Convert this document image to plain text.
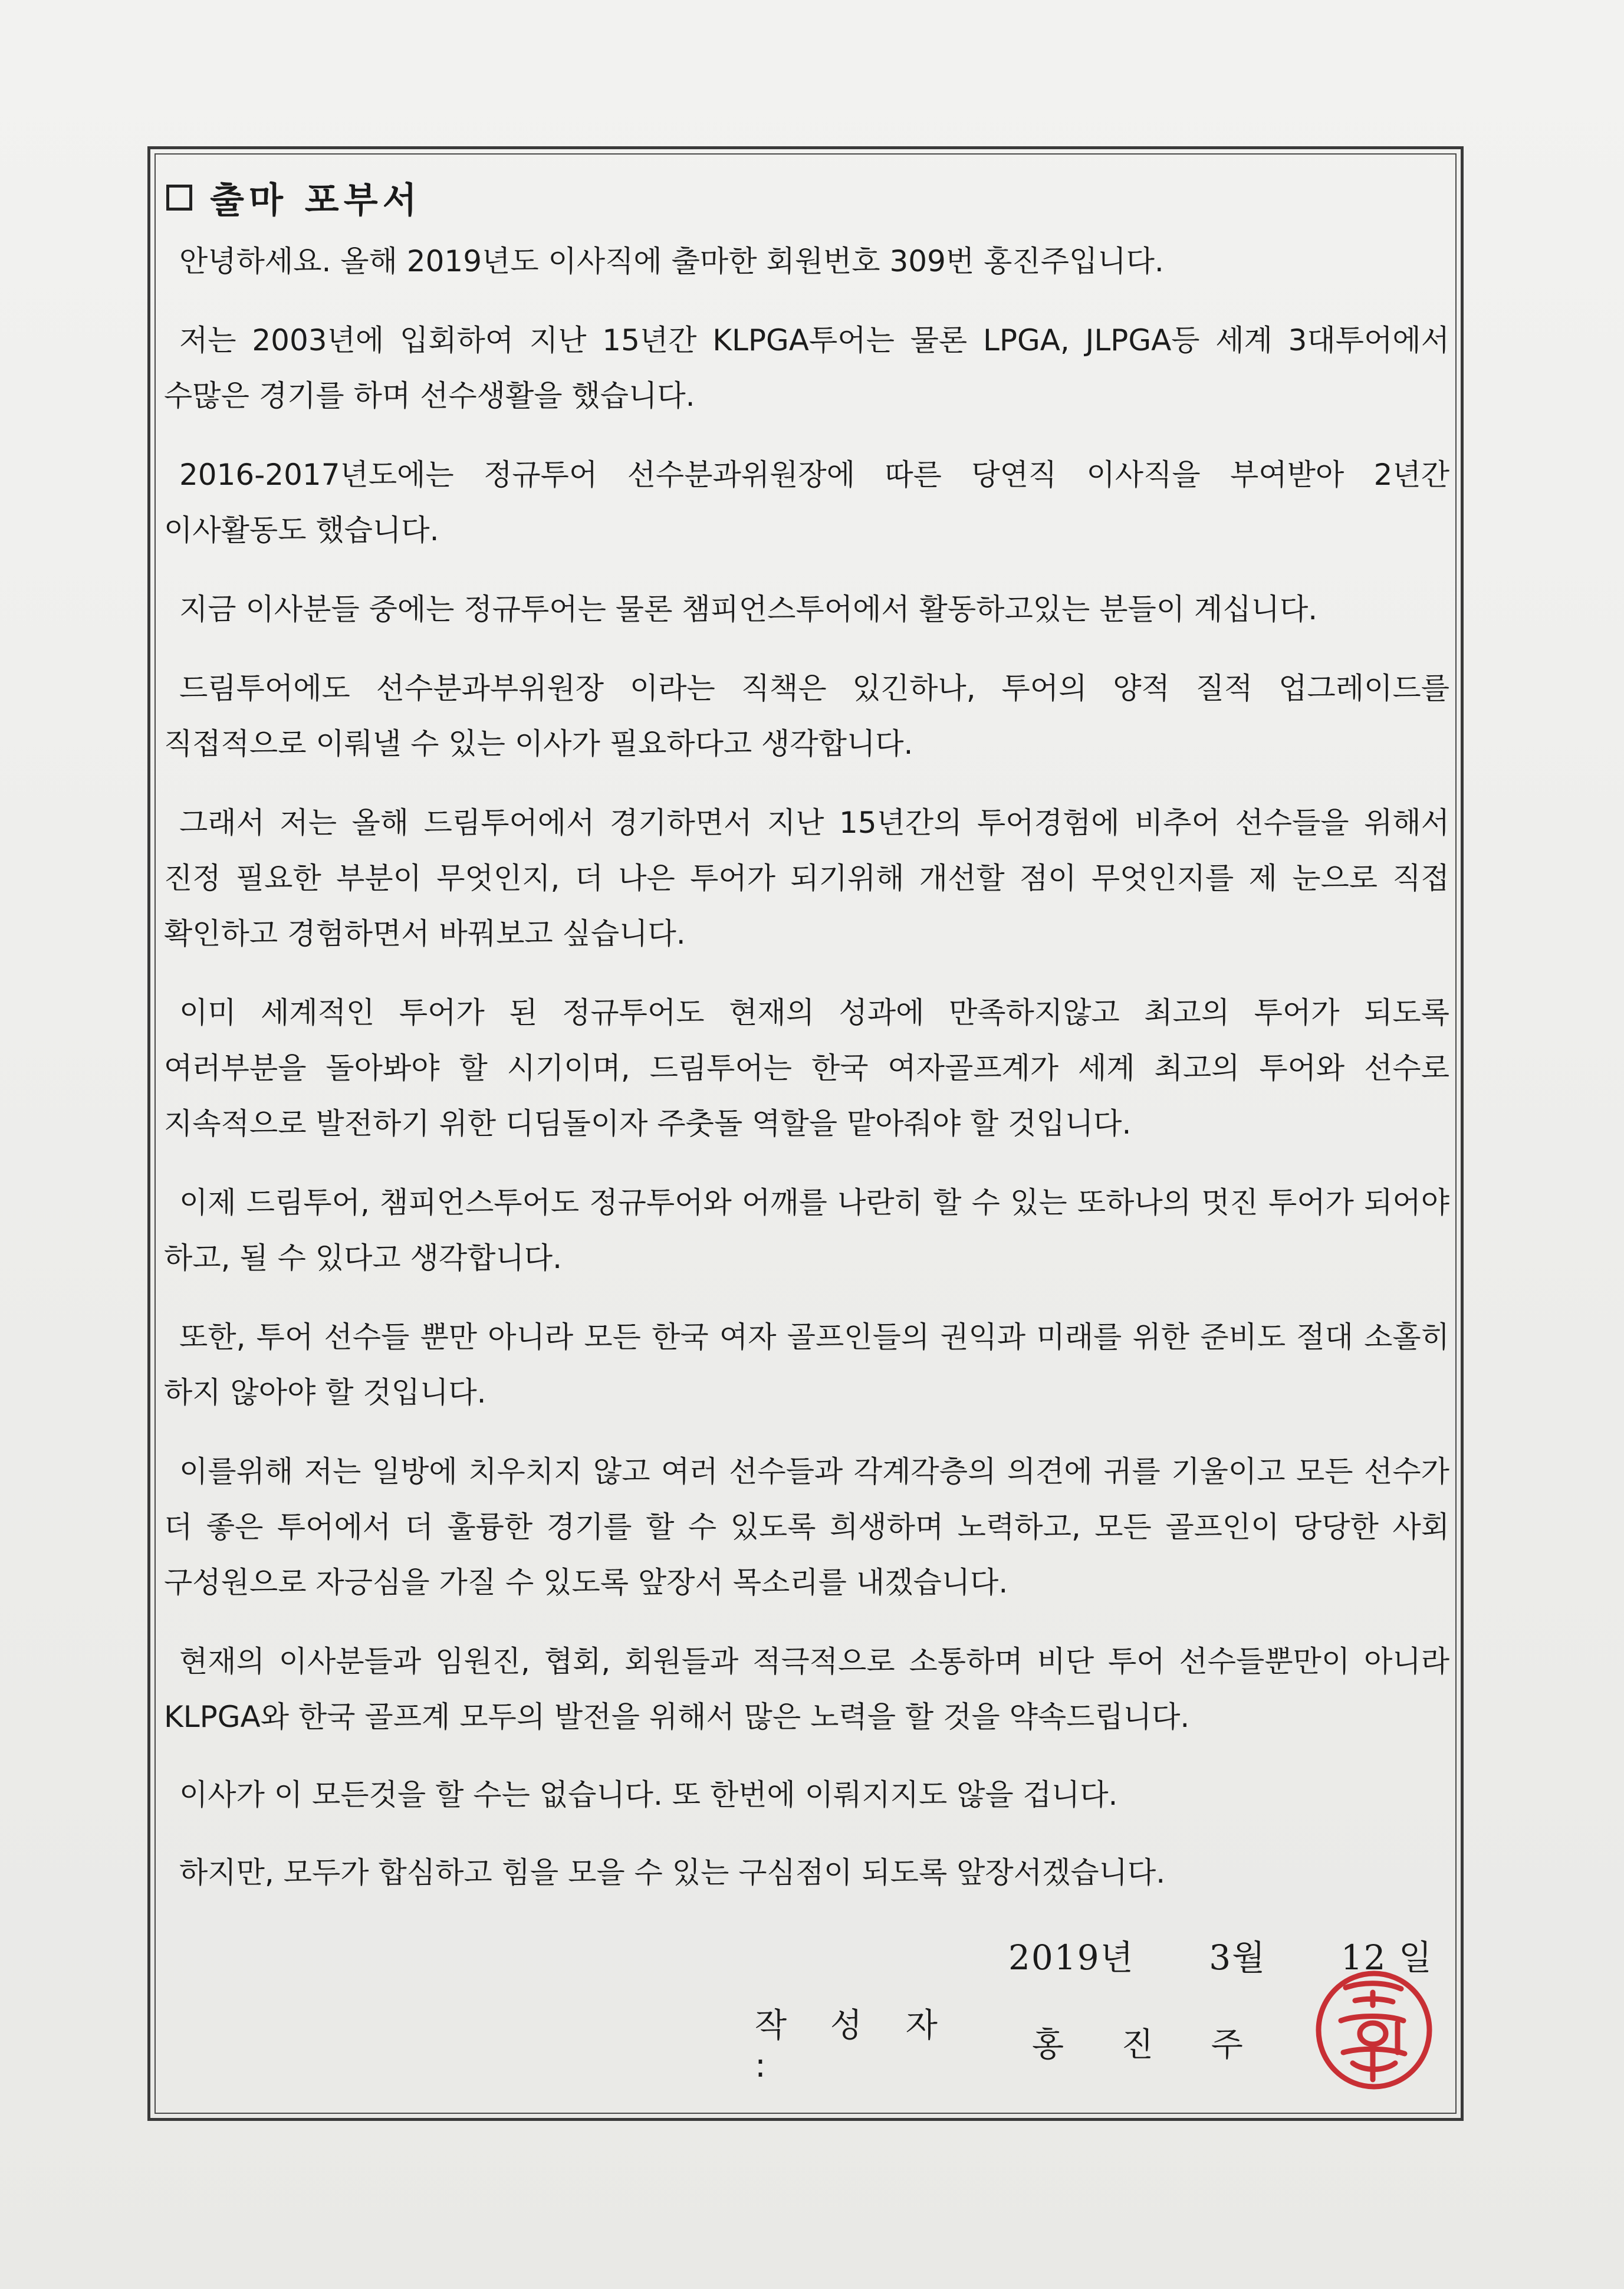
출마 포부서

안녕하세요. 올해 2019년도 이사직에 출마한 회원번호 309번 홍진주입니다.

저는 2003년에 입회하여 지난 15년간 KLPGA투어는 물론 LPGA, JLPGA등 세계 3대투어에서 수많은 경기를 하며 선수생활을 했습니다.

2016-2017년도에는 정규투어 선수분과위원장에 따른 당연직 이사직을 부여받아 2년간 이사활동도 했습니다.

지금 이사분들 중에는 정규투어는 물론 챔피언스투어에서 활동하고있는 분들이 계십니다.

드림투어에도 선수분과부위원장 이라는 직책은 있긴하나, 투어의 양적 질적 업그레이드를 직접적으로 이뤄낼 수 있는 이사가 필요하다고 생각합니다.

그래서 저는 올해 드림투어에서 경기하면서 지난 15년간의 투어경험에 비추어 선수들을 위해서 진정 필요한 부분이 무엇인지, 더 나은 투어가 되기위해 개선할 점이 무엇인지를 제 눈으로 직접 확인하고 경험하면서 바꿔보고 싶습니다.

이미 세계적인 투어가 된 정규투어도 현재의 성과에 만족하지않고 최고의 투어가 되도록 여러부분을 돌아봐야 할 시기이며, 드림투어는 한국 여자골프계가 세계 최고의 투어와 선수로 지속적으로 발전하기 위한 디딤돌이자 주춧돌 역할을 맡아줘야 할 것입니다.

이제 드림투어, 챔피언스투어도 정규투어와 어깨를 나란히 할 수 있는 또하나의 멋진 투어가 되어야 하고, 될 수 있다고 생각합니다.

또한, 투어 선수들 뿐만 아니라 모든 한국 여자 골프인들의 권익과 미래를 위한 준비도 절대 소홀히 하지 않아야 할 것입니다.

이를위해 저는 일방에 치우치지 않고 여러 선수들과 각계각층의 의견에 귀를 기울이고 모든 선수가 더 좋은 투어에서 더 훌륭한 경기를 할 수 있도록 희생하며 노력하고, 모든 골프인이 당당한 사회 구성원으로 자긍심을 가질 수 있도록 앞장서 목소리를 내겠습니다.

현재의 이사분들과 임원진, 협회, 회원들과 적극적으로 소통하며 비단 투어 선수들뿐만이 아니라 KLPGA와 한국 골프계 모두의 발전을 위해서 많은 노력을 할 것을 약속드립니다.

이사가 이 모든것을 할 수는 없습니다. 또 한번에 이뤄지지도 않을 겁니다.

하지만, 모두가 합심하고 힘을 모을 수 있는 구심점이 되도록 앞장서겠습니다.

2019년 3월 12 일
작 성 자 :
홍 진 주
